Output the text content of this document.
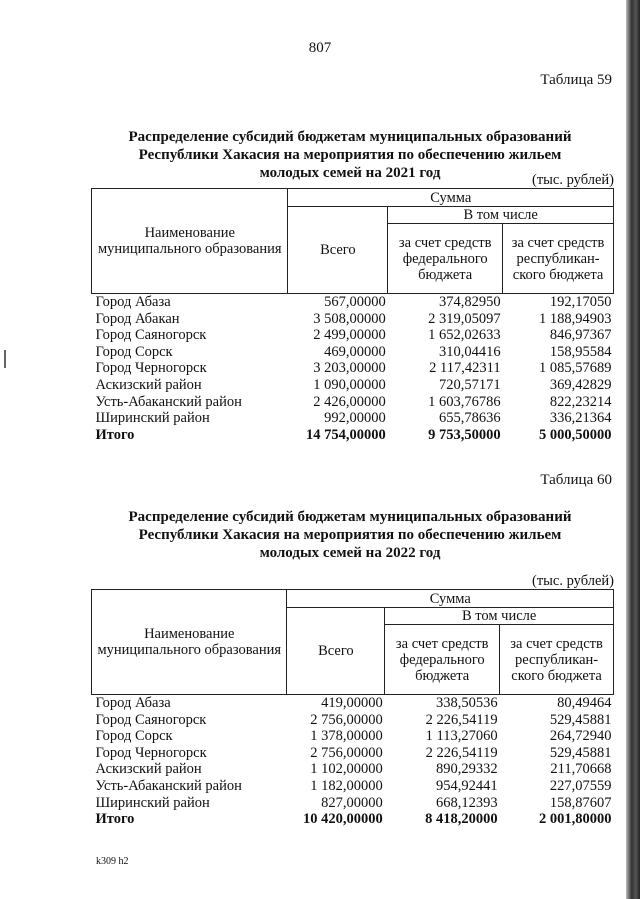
807
Таблица 59
Распределение субсидий бюджетам муниципальных образований
Республики Хакасия на мероприятия по обеспечению жильем
молодых семей на 2021 год	(тыс. рублей)
Наименование муниципального образования	Сумма		
	Всего	В том числе	
		за счет средств федерального бюджета	за счет средств республикан-ского бюджета
Город Абаза	567,00000	374,82950	192,17050
Город Абакан	3 508,00000	2 319,05097	1 188,94903
Город Саяногорск	2 499,00000	1 652,02633	846,97367
Город Сорск	469,00000	310,04416	158,95584
Город Черногорск	3 203,00000	2 117,42311	1 085,57689
Аскизский район	1 090,00000	720,57171	369,42829
Усть-Абаканский район	2 426,00000	1 603,76786	822,23214
Ширинский район	992,00000	655,78636	336,21364
Итого	14 754,00000	9 753,50000	5 000,50000
Таблица 60
Распределение субсидий бюджетам муниципальных образований
Республики Хакасия на мероприятия по обеспечению жильем
молодых семей на 2022 год
(тыс. рублей)
Наименование муниципального образования	Сумма		
	Всего	В том числе	
		за счет средств федерального бюджета	за счет средств республикан-ского бюджета
Город Абаза	419,00000	338,50536	80,49464
Город Саяногорск	2 756,00000	2 226,54119	529,45881
Город Сорск	1 378,00000	1 113,27060	264,72940
Город Черногорск	2 756,00000	2 226,54119	529,45881
Аскизский район	1 102,00000	890,29332	211,70668
Усть-Абаканский район	1 182,00000	954,92441	227,07559
Ширинский район	827,00000	668,12393	158,87607
Итого	10 420,00000	8 418,20000	2 001,80000
k309 h2
